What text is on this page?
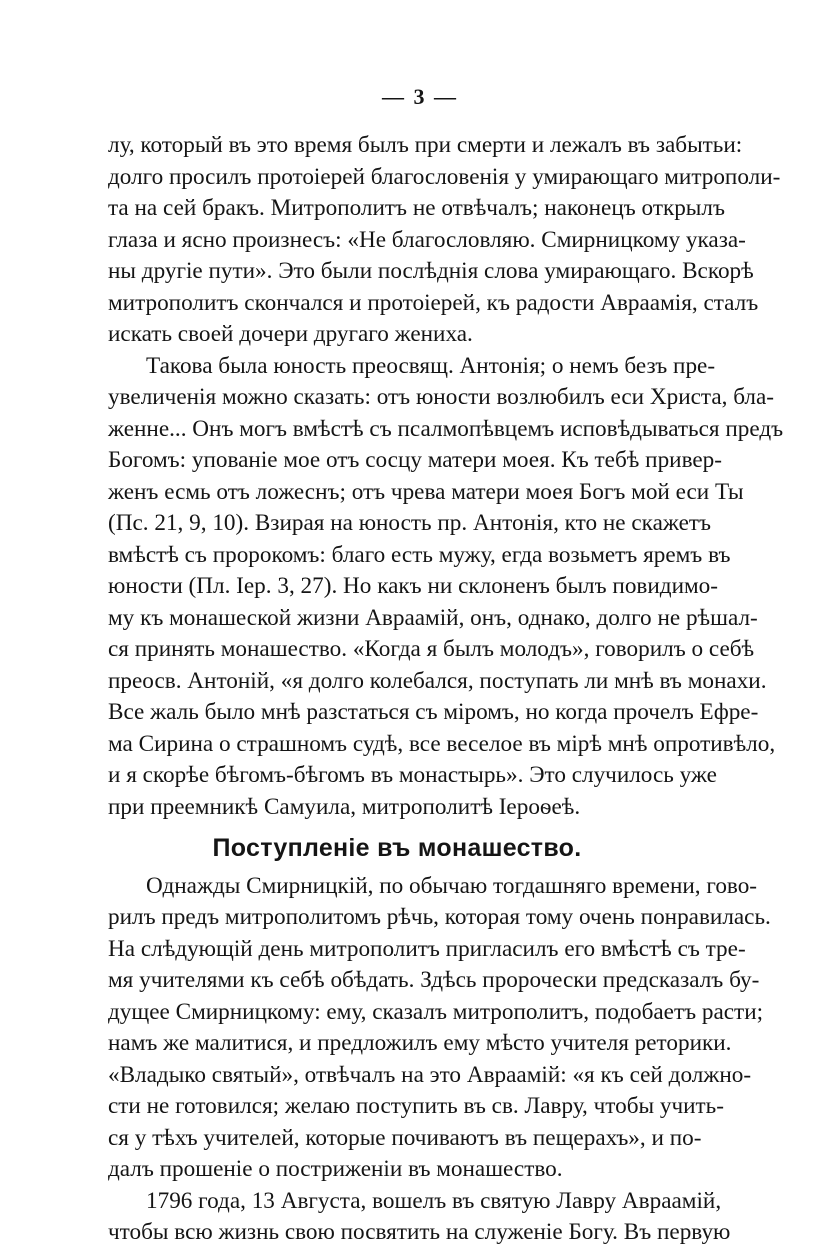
— 3 —
лу, который въ это время былъ при смерти и лежалъ въ забытьи:
долго просилъ протоіерей благословенія у умирающаго митрополи-
та на сей бракъ. Митрополитъ не отвѣчалъ; наконецъ открылъ
глаза и ясно произнесъ: «Не благословляю. Смирницкому указа-
ны другіе пути». Это были послѣднія слова умирающаго. Вскорѣ
митрополитъ скончался и протоіерей, къ радости Авраамія, сталъ
искать своей дочери другаго жениха.
Такова была юность преосвящ. Антонія; о немъ безъ пре-
увеличенія можно сказать: отъ юности возлюбилъ еси Христа, бла-
женне... Онъ могъ вмѣстѣ съ псалмопѣвцемъ исповѣдываться предъ
Богомъ: упованіе мое отъ сосцу матери моея. Къ тебѣ привер-
женъ есмь отъ ложеснъ; отъ чрева матери моея Богъ мой еси Ты
(Пс. 21, 9, 10). Взирая на юность пр. Антонія, кто не скажетъ
вмѣстѣ съ пророкомъ: благо есть мужу, егда возьметъ яремъ въ
юности (Пл. Іер. 3, 27). Но какъ ни склоненъ былъ повидимо-
му къ монашеской жизни Авраамій, онъ, однако, долго не рѣшал-
ся принять монашество. «Когда я былъ молодъ», говорилъ о себѣ
преосв. Антоній, «я долго колебался, поступать ли мнѣ въ монахи.
Все жаль было мнѣ разстаться съ міромъ, но когда прочелъ Ефре-
ма Сирина о страшномъ судѣ, все веселое въ мірѣ мнѣ опротивѣло,
и я скорѣе бѣгомъ-бѣгомъ въ монастырь». Это случилось уже
при преемникѣ Самуила, митрополитѣ Іероѳеѣ.
Поступленіе въ монашество.
Однажды Смирницкій, по обычаю тогдашняго времени, гово-
рилъ предъ митрополитомъ рѣчь, которая тому очень понравилась.
На слѣдующій день митрополитъ пригласилъ его вмѣстѣ съ тре-
мя учителями къ себѣ обѣдать. Здѣсь пророчески предсказалъ бу-
дущее Смирницкому: ему, сказалъ митрополитъ, подобаетъ расти;
намъ же малитися, и предложилъ ему мѣсто учителя реторики.
«Владыко святый», отвѣчалъ на это Авраамій: «я къ сей должно-
сти не готовился; желаю поступить въ св. Лавру, чтобы учить-
ся у тѣхъ учителей, которые почиваютъ въ пещерахъ», и по-
далъ прошеніе о постриженіи въ монашество.
1796 года, 13 Августа, вошелъ въ святую Лавру Авраамій,
чтобы всю жизнь свою посвятить на служеніе Богу. Въ первую
